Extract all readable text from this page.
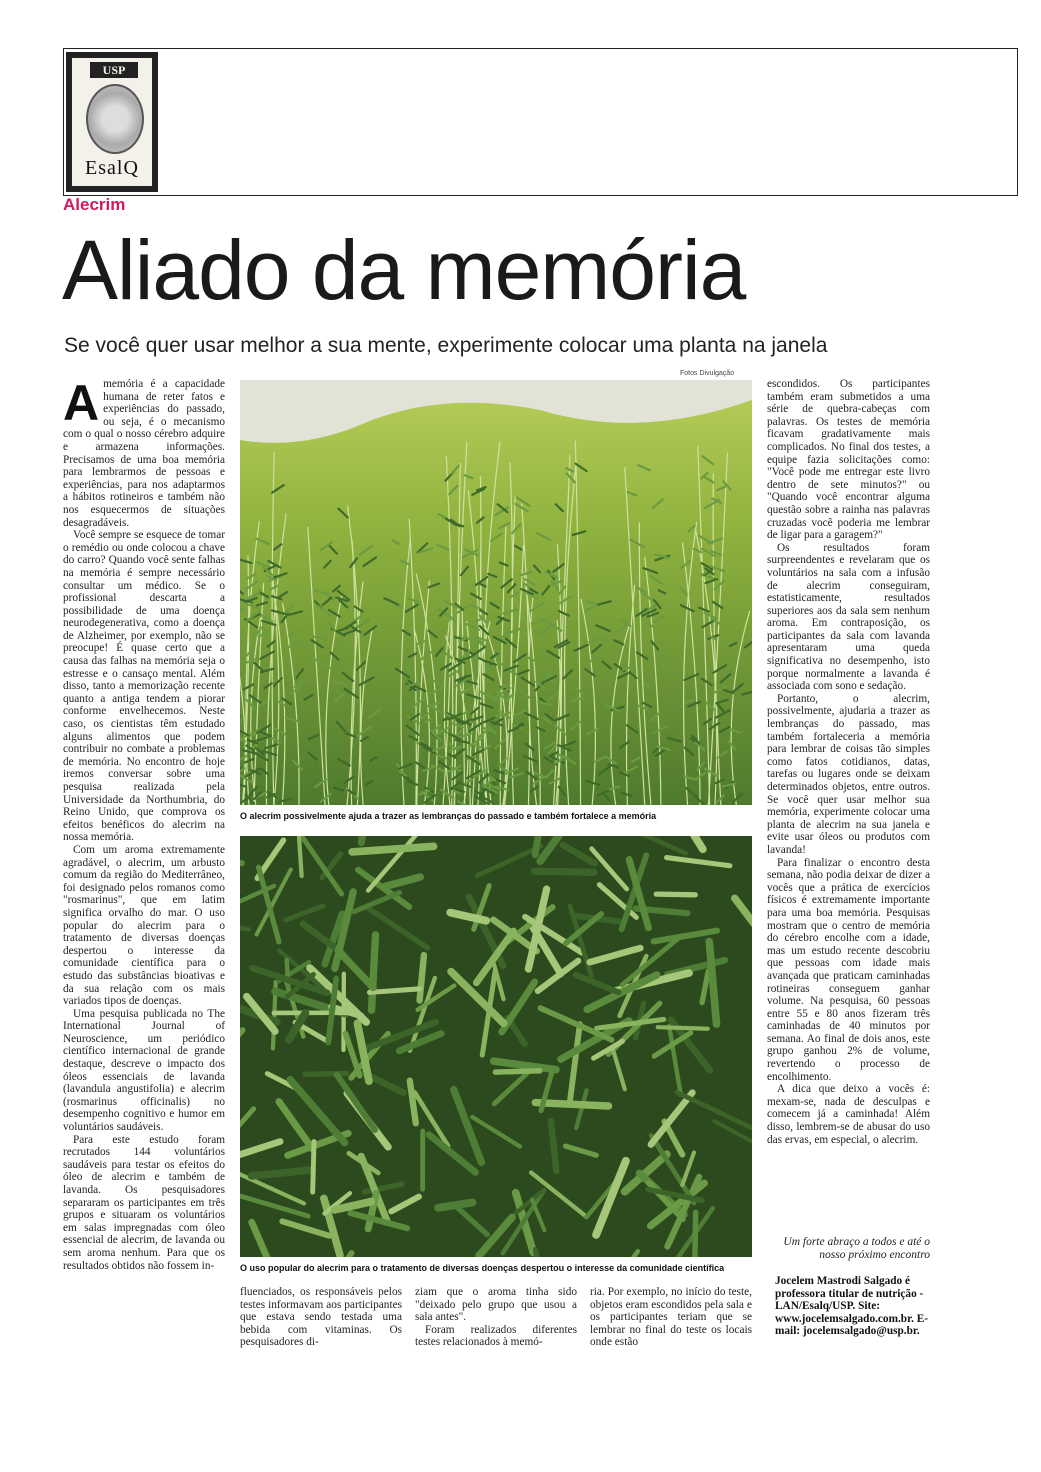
USP
EsalQ
Alecrim
Aliado da memória
Se você quer usar melhor a sua mente, experimente colocar uma planta na janela

Amemória é a capacidade humana de reter fatos e experiências do passado, ou seja, é o mecanismo com o qual o nosso cérebro adquire e armazena informações. Precisamos de uma boa memória para lembrarmos de pessoas e experiências, para nos adaptarmos a hábitos rotineiros e também não nos esquecermos de situações desagradáveis.

Você sempre se esquece de tomar o remédio ou onde colocou a chave do carro? Quando você sente falhas na memória é sempre necessário consultar um médico. Se o profissional descarta a possibilidade de uma doença neurodegenerativa, como a doença de Alzheimer, por exemplo, não se preocupe! É quase certo que a causa das falhas na memória seja o estresse e o cansaço mental. Além disso, tanto a memorização recente quanto a antiga tendem a piorar conforme envelhecemos. Neste caso, os cientistas têm estudado alguns alimentos que podem contribuir no combate a problemas de memória. No encontro de hoje iremos conversar sobre uma pesquisa realizada pela Universidade da Northumbria, do Reino Unido, que comprova os efeitos benéficos do alecrim na nossa memória.

Com um aroma extremamente agradável, o alecrim, um arbusto comum da região do Mediterrâneo, foi designado pelos romanos como "rosmarinus", que em latim significa orvalho do mar. O uso popular do alecrim para o tratamento de diversas doenças despertou o interesse da comunidade científica para o estudo das substâncias bioativas e da sua relação com os mais variados tipos de doenças.

Uma pesquisa publicada no The International Journal of Neuroscience, um periódico científico internacional de grande destaque, descreve o impacto dos óleos essenciais de lavanda (lavandula angustifolia) e alecrim (rosmarinus officinalis) no desempenho cognitivo e humor em voluntários saudáveis.

Para este estudo foram recrutados 144 voluntários saudáveis para testar os efeitos do óleo de alecrim e também de lavanda. Os pesquisadores separaram os participantes em três grupos e situaram os voluntários em salas impregnadas com óleo essencial de alecrim, de lavanda ou sem aroma nenhum. Para que os resultados obtidos não fossem in-

Fotos Divulgação
O alecrim possivelmente ajuda a trazer as lembranças do passado e também fortalece a memória
O uso popular do alecrim para o tratamento de diversas doenças despertou o interesse da comunidade científica

fluenciados, os responsáveis pelos testes informavam aos participantes que estava sendo testada uma bebida com vitaminas. Os pesquisadores di-

ziam que o aroma tinha sido "deixado pelo grupo que usou a sala antes".

Foram realizados diferentes testes relacionados à memó-

ria. Por exemplo, no início do teste, objetos eram escondidos pela sala e os participantes teriam que se lembrar no final do teste os locais onde estão

escondidos. Os participantes também eram submetidos a uma série de quebra-cabeças com palavras. Os testes de memória ficavam gradativamente mais complicados. No final dos testes, a equipe fazia solicitações como: "Você pode me entregar este livro dentro de sete minutos?" ou "Quando você encontrar alguma questão sobre a rainha nas palavras cruzadas você poderia me lembrar de ligar para a garagem?"

Os resultados foram surpreendentes e revelaram que os voluntários na sala com a infusão de alecrim conseguiram, estatisticamente, resultados superiores aos da sala sem nenhum aroma. Em contraposição, os participantes da sala com lavanda apresentaram uma queda significativa no desempenho, isto porque normalmente a lavanda é associada com sono e sedação.

Portanto, o alecrim, possivelmente, ajudaria a trazer as lembranças do passado, mas também fortaleceria a memória para lembrar de coisas tão simples como fatos cotidianos, datas, tarefas ou lugares onde se deixam determinados objetos, entre outros. Se você quer usar melhor sua memória, experimente colocar uma planta de alecrim na sua janela e evite usar óleos ou produtos com lavanda!

Para finalizar o encontro desta semana, não podia deixar de dizer a vocês que a prática de exercícios físicos é extremamente importante para uma boa memória. Pesquisas mostram que o centro de memória do cérebro encolhe com a idade, mas um estudo recente descobriu que pessoas com idade mais avançada que praticam caminhadas rotineiras conseguem ganhar volume. Na pesquisa, 60 pessoas entre 55 e 80 anos fizeram três caminhadas de 40 minutos por semana. Ao final de dois anos, este grupo ganhou 2% de volume, revertendo o processo de encolhimento.

A dica que deixo a vocês é: mexam-se, nada de desculpas e comecem já a caminhada! Além disso, lembrem-se de abusar do uso das ervas, em especial, o alecrim.

Um forte abraço a todos e até o nosso próximo encontro
Jocelem Mastrodi Salgado é professora titular de nutrição - LAN/Esalq/USP. Site: www.jocelemsalgado.com.br. E-mail: jocelemsalgado@usp.br.
